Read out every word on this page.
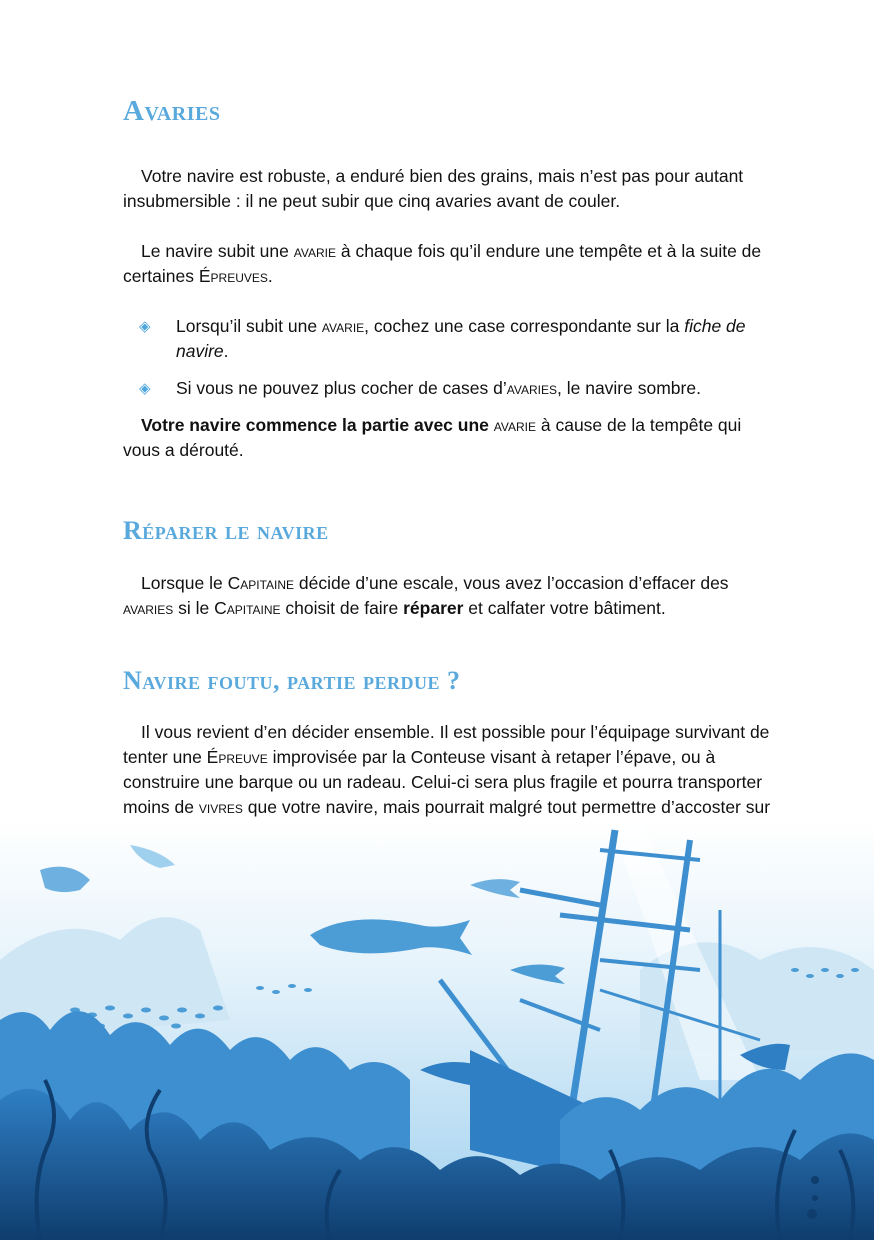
Avaries

Votre navire est robuste, a enduré bien des grains, mais n’est pas pour autant insubmersible : il ne peut subir que cinq avaries avant de couler.

Le navire subit une avarie à chaque fois qu’il endure une tempête et à la suite de certaines Épreuves.

◈	Lorsqu’il subit une avarie, cochez une case correspondante sur la fiche de navire.
◈	Si vous ne pouvez plus cocher de cases d’avaries, le navire sombre.

Votre navire commence la partie avec une avarie à cause de la tempête qui vous a dérouté.

Réparer le navire

Lorsque le Capitaine décide d’une escale, vous avez l’occasion d’effacer des avaries si le Capitaine choisit de faire réparer et calfater votre bâtiment.

Navire foutu, partie perdue ?

Il vous revient d’en décider ensemble. Il est possible pour l’équipage survivant de tenter une Épreuve improvisée par la Conteuse visant à retaper l’épave, ou à construire une barque ou un radeau. Celui-ci sera plus fragile et pourra transporter moins de vivres que votre navire, mais pourrait malgré tout permettre d’accoster sur
